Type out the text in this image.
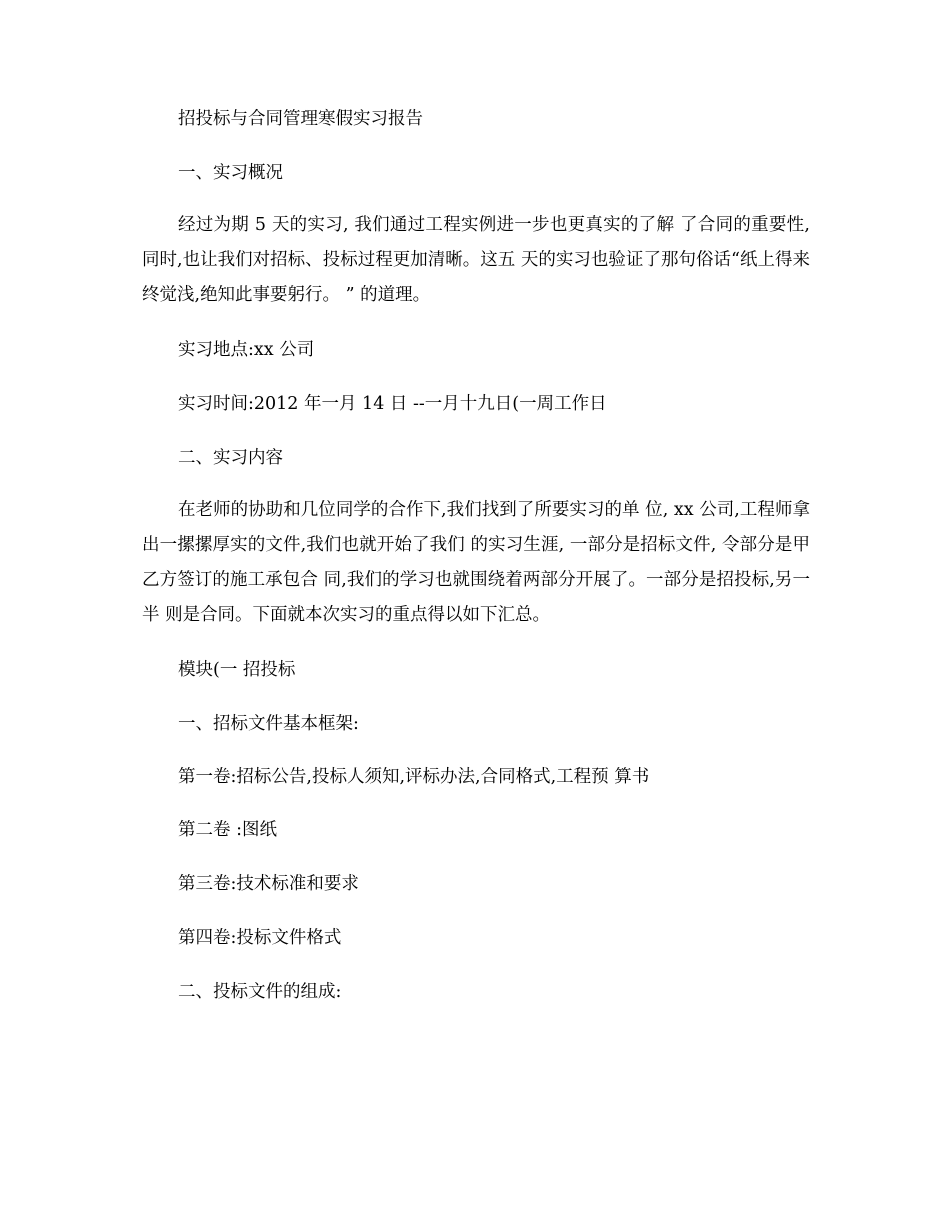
招投标与合同管理寒假实习报告
一、实习概况
经过为期 5 天的实习, 我们通过工程实例进一步也更真实的了解 了合同的重要性,同时,也让我们对招标、投标过程更加清晰。这五 天的实习也验证了那句俗话“纸上得来终觉浅,绝知此事要躬行。 ” 的道理。
实习地点:xx 公司
实习时间:2012 年一月 14 日 --一月十九日(一周工作日
二、实习内容
在老师的协助和几位同学的合作下,我们找到了所要实习的单 位, xx 公司,工程师拿出一摞摞厚实的文件,我们也就开始了我们 的实习生涯, 一部分是招标文件, 令部分是甲乙方签订的施工承包合 同,我们的学习也就围绕着两部分开展了。一部分是招投标,另一半 则是合同。下面就本次实习的重点得以如下汇总。
模块(一 招投标
一、招标文件基本框架:
第一卷:招标公告,投标人须知,评标办法,合同格式,工程预 算书
第二卷 :图纸
第三卷:技术标准和要求
第四卷:投标文件格式
二、投标文件的组成:
